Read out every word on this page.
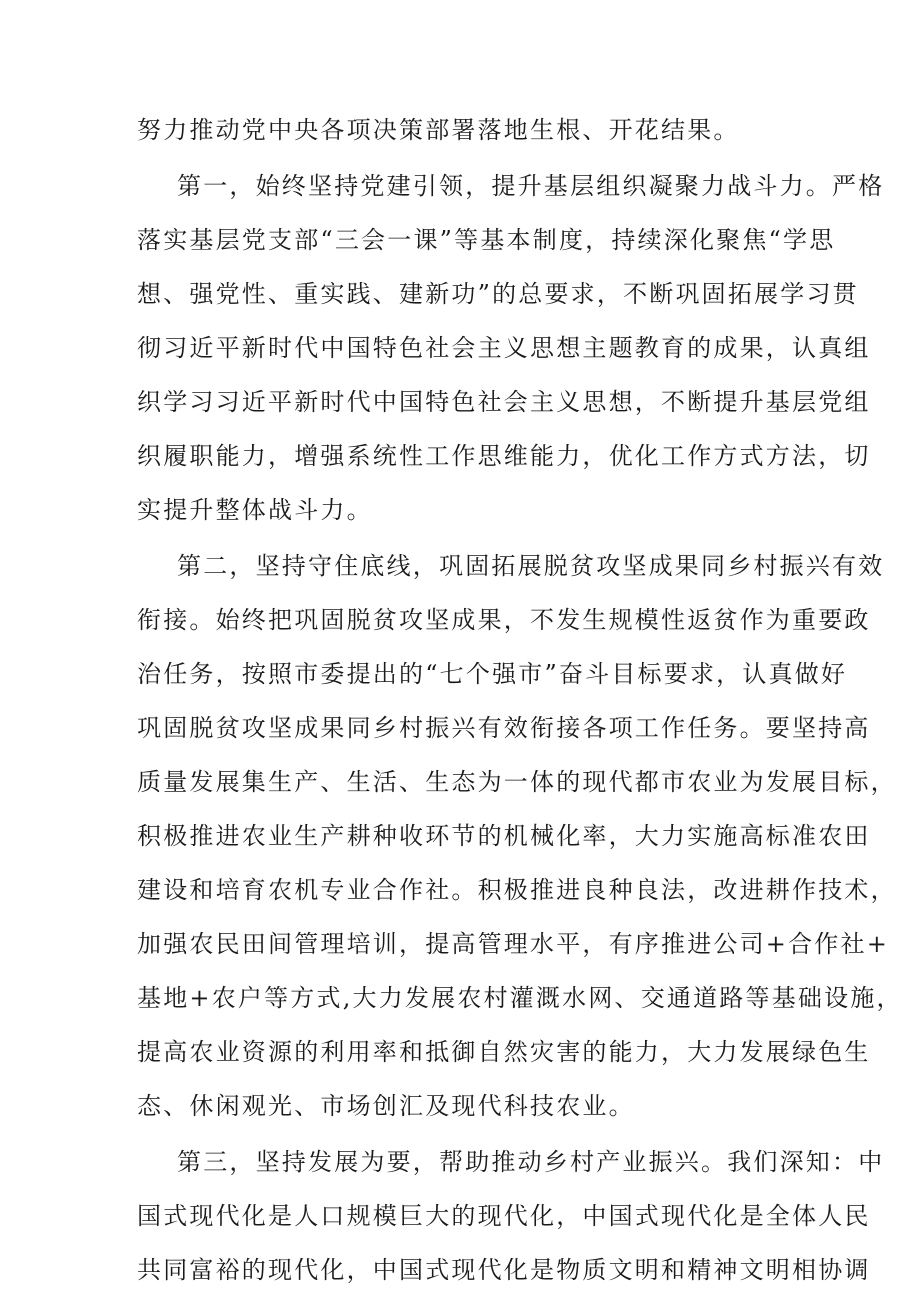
努力推动党中央各项决策部署落地生根、开花结果。
第一，始终坚持党建引领，提升基层组织凝聚力战斗力。严格
落实基层党支部“三会一课”等基本制度，持续深化聚焦“学思
想、强党性、重实践、建新功”的总要求，不断巩固拓展学习贯
彻习近平新时代中国特色社会主义思想主题教育的成果，认真组
织学习习近平新时代中国特色社会主义思想，不断提升基层党组
织履职能力，增强系统性工作思维能力，优化工作方式方法，切
实提升整体战斗力。
第二，坚持守住底线，巩固拓展脱贫攻坚成果同乡村振兴有效
衔接。始终把巩固脱贫攻坚成果，不发生规模性返贫作为重要政
治任务，按照市委提出的“七个强市”奋斗目标要求，认真做好
巩固脱贫攻坚成果同乡村振兴有效衔接各项工作任务。要坚持高
质量发展集生产、生活、生态为一体的现代都市农业为发展目标，
积极推进农业生产耕种收环节的机械化率，大力实施高标准农田
建设和培育农机专业合作社。积极推进良种良法，改进耕作技术，
加强农民田间管理培训，提高管理水平，有序推进公司+合作社+
基地+农户等方式,大力发展农村灌溉水网、交通道路等基础设施，
提高农业资源的利用率和抵御自然灾害的能力，大力发展绿色生
态、休闲观光、市场创汇及现代科技农业。
第三，坚持发展为要，帮助推动乡村产业振兴。我们深知：中
国式现代化是人口规模巨大的现代化，中国式现代化是全体人民
共同富裕的现代化，中国式现代化是物质文明和精神文明相协调
